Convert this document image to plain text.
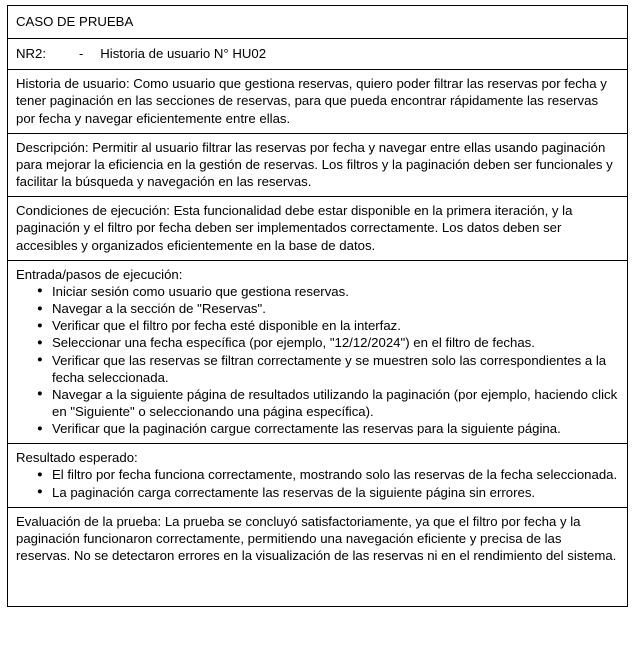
CASO DE PRUEBA

NR2:   -  Historia de usuario N° HU02

Historia de usuario: Como usuario que gestiona reservas, quiero poder filtrar las reservas por fecha y tener paginación en las secciones de reservas, para que pueda encontrar rápidamente las reservas por fecha y navegar eficientemente entre ellas.

Descripción: Permitir al usuario filtrar las reservas por fecha y navegar entre ellas usando paginación para mejorar la eficiencia en la gestión de reservas. Los filtros y la paginación deben ser funcionales y facilitar la búsqueda y navegación en las reservas.

Condiciones de ejecución: Esta funcionalidad debe estar disponible en la primera iteración, y la paginación y el filtro por fecha deben ser implementados correctamente. Los datos deben ser accesibles y organizados eficientemente en la base de datos.

Entrada/pasos de ejecución:
● Iniciar sesión como usuario que gestiona reservas.
● Navegar a la sección de "Reservas".
● Verificar que el filtro por fecha esté disponible en la interfaz.
● Seleccionar una fecha específica (por ejemplo, "12/12/2024") en el filtro de fechas.
● Verificar que las reservas se filtran correctamente y se muestren solo las correspondientes a la fecha seleccionada.
● Navegar a la siguiente página de resultados utilizando la paginación (por ejemplo, haciendo click en "Siguiente" o seleccionando una página específica).
● Verificar que la paginación cargue correctamente las reservas para la siguiente página.

Resultado esperado:
● El filtro por fecha funciona correctamente, mostrando solo las reservas de la fecha seleccionada.
● La paginación carga correctamente las reservas de la siguiente página sin errores.

Evaluación de la prueba: La prueba se concluyó satisfactoriamente, ya que el filtro por fecha y la paginación funcionaron correctamente, permitiendo una navegación eficiente y precisa de las reservas. No se detectaron errores en la visualización de las reservas ni en el rendimiento del sistema.
